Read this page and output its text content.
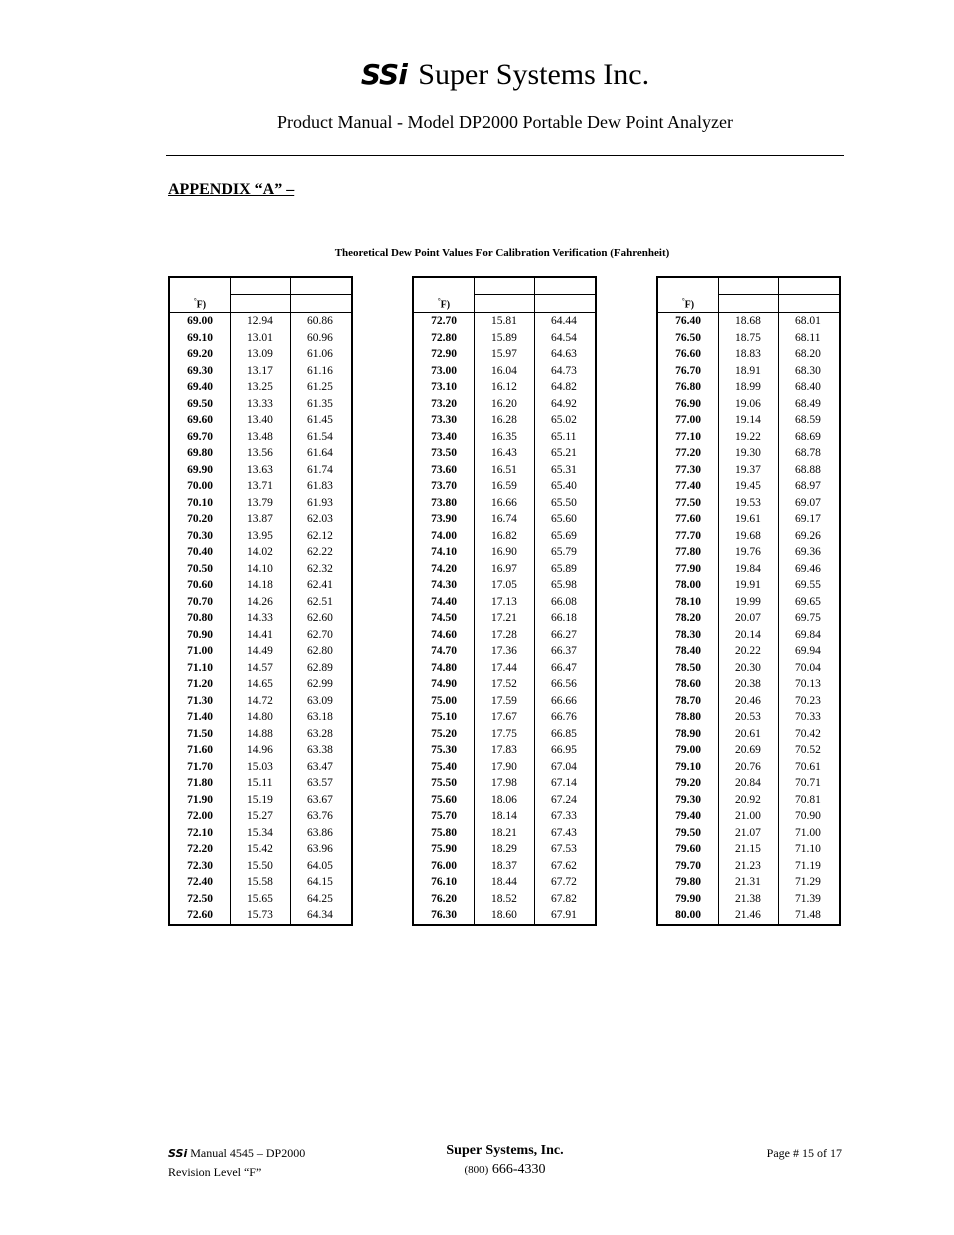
SSi Super Systems Inc.
Product Manual - Model DP2000 Portable Dew Point Analyzer
APPENDIX “A” –
Theoretical Dew Point Values For Calibration Verification (Fahrenheit)

°F)		
69.00	12.94	60.86
69.10	13.01	60.96
69.20	13.09	61.06
69.30	13.17	61.16
69.40	13.25	61.25
69.50	13.33	61.35
69.60	13.40	61.45
69.70	13.48	61.54
69.80	13.56	61.64
69.90	13.63	61.74
70.00	13.71	61.83
70.10	13.79	61.93
70.20	13.87	62.03
70.30	13.95	62.12
70.40	14.02	62.22
70.50	14.10	62.32
70.60	14.18	62.41
70.70	14.26	62.51
70.80	14.33	62.60
70.90	14.41	62.70
71.00	14.49	62.80
71.10	14.57	62.89
71.20	14.65	62.99
71.30	14.72	63.09
71.40	14.80	63.18
71.50	14.88	63.28
71.60	14.96	63.38
71.70	15.03	63.47
71.80	15.11	63.57
71.90	15.19	63.67
72.00	15.27	63.76
72.10	15.34	63.86
72.20	15.42	63.96
72.30	15.50	64.05
72.40	15.58	64.15
72.50	15.65	64.25
72.60	15.73	64.34

°F)		
72.70	15.81	64.44
72.80	15.89	64.54
72.90	15.97	64.63
73.00	16.04	64.73
73.10	16.12	64.82
73.20	16.20	64.92
73.30	16.28	65.02
73.40	16.35	65.11
73.50	16.43	65.21
73.60	16.51	65.31
73.70	16.59	65.40
73.80	16.66	65.50
73.90	16.74	65.60
74.00	16.82	65.69
74.10	16.90	65.79
74.20	16.97	65.89
74.30	17.05	65.98
74.40	17.13	66.08
74.50	17.21	66.18
74.60	17.28	66.27
74.70	17.36	66.37
74.80	17.44	66.47
74.90	17.52	66.56
75.00	17.59	66.66
75.10	17.67	66.76
75.20	17.75	66.85
75.30	17.83	66.95
75.40	17.90	67.04
75.50	17.98	67.14
75.60	18.06	67.24
75.70	18.14	67.33
75.80	18.21	67.43
75.90	18.29	67.53
76.00	18.37	67.62
76.10	18.44	67.72
76.20	18.52	67.82
76.30	18.60	67.91

°F)		
76.40	18.68	68.01
76.50	18.75	68.11
76.60	18.83	68.20
76.70	18.91	68.30
76.80	18.99	68.40
76.90	19.06	68.49
77.00	19.14	68.59
77.10	19.22	68.69
77.20	19.30	68.78
77.30	19.37	68.88
77.40	19.45	68.97
77.50	19.53	69.07
77.60	19.61	69.17
77.70	19.68	69.26
77.80	19.76	69.36
77.90	19.84	69.46
78.00	19.91	69.55
78.10	19.99	69.65
78.20	20.07	69.75
78.30	20.14	69.84
78.40	20.22	69.94
78.50	20.30	70.04
78.60	20.38	70.13
78.70	20.46	70.23
78.80	20.53	70.33
78.90	20.61	70.42
79.00	20.69	70.52
79.10	20.76	70.61
79.20	20.84	70.71
79.30	20.92	70.81
79.40	21.00	70.90
79.50	21.07	71.00
79.60	21.15	71.10
79.70	21.23	71.19
79.80	21.31	71.29
79.90	21.38	71.39
80.00	21.46	71.48
SSi Manual 4545 – DP2000
Revision Level “F”
Super Systems, Inc.
(800) 666-4330
Page # 15 of 17
